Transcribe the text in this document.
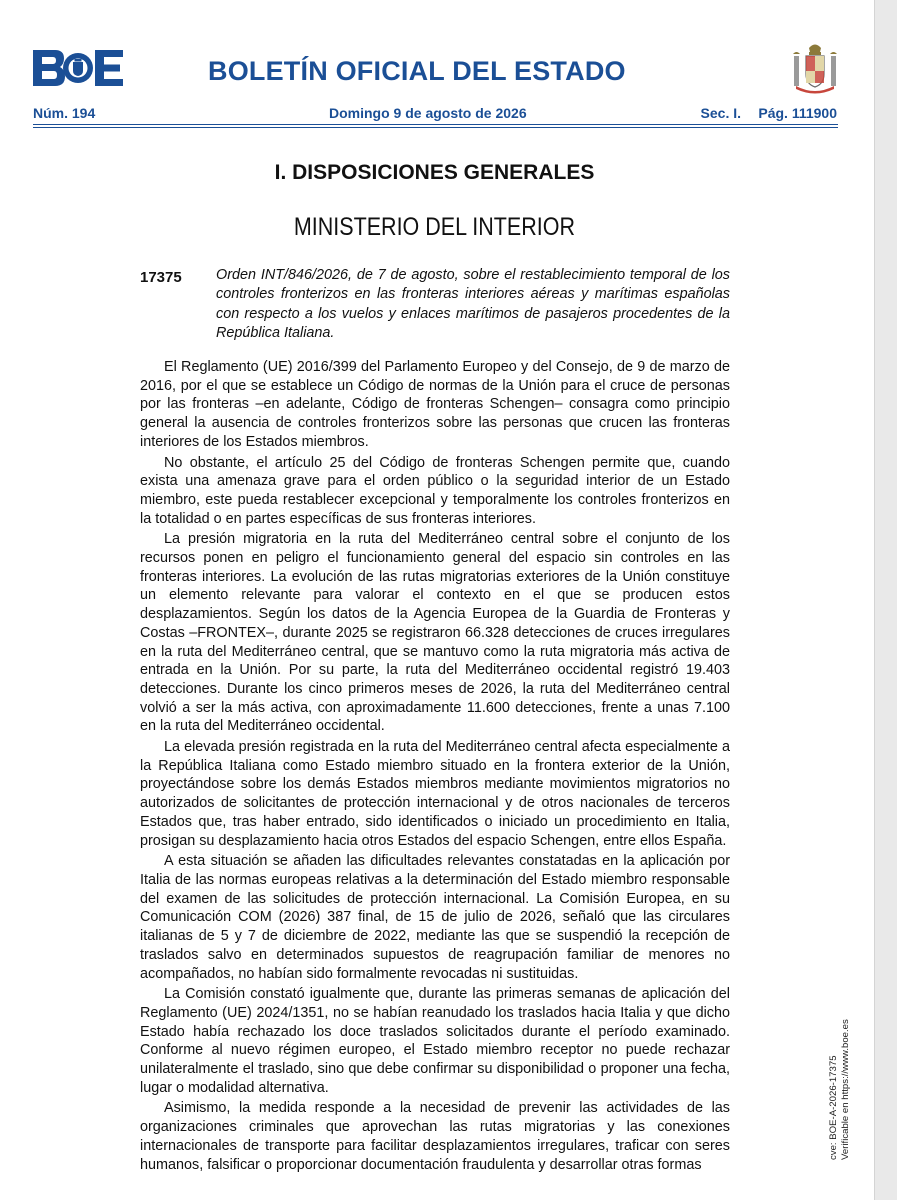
BOLETÍN OFICIAL DEL ESTADO
Núm. 194	Domingo 9 de agosto de 2026	Sec. I. Pág. 111900
I. DISPOSICIONES GENERALES
MINISTERIO DEL INTERIOR
17375 Orden INT/846/2026, de 7 de agosto, sobre el restablecimiento temporal de los controles fronterizos en las fronteras interiores aéreas y marítimas españolas con respecto a los vuelos y enlaces marítimos de pasajeros procedentes de la República Italiana.

El Reglamento (UE) 2016/399 del Parlamento Europeo y del Consejo, de 9 de marzo de 2016, por el que se establece un Código de normas de la Unión para el cruce de personas por las fronteras –en adelante, Código de fronteras Schengen– consagra como principio general la ausencia de controles fronterizos sobre las personas que crucen las fronteras interiores de los Estados miembros.

No obstante, el artículo 25 del Código de fronteras Schengen permite que, cuando exista una amenaza grave para el orden público o la seguridad interior de un Estado miembro, este pueda restablecer excepcional y temporalmente los controles fronterizos en la totalidad o en partes específicas de sus fronteras interiores.

La presión migratoria en la ruta del Mediterráneo central sobre el conjunto de los recursos ponen en peligro el funcionamiento general del espacio sin controles en las fronteras interiores. La evolución de las rutas migratorias exteriores de la Unión constituye un elemento relevante para valorar el contexto en el que se producen estos desplazamientos. Según los datos de la Agencia Europea de la Guardia de Fronteras y Costas –FRONTEX–, durante 2025 se registraron 66.328 detecciones de cruces irregulares en la ruta del Mediterráneo central, que se mantuvo como la ruta migratoria más activa de entrada en la Unión. Por su parte, la ruta del Mediterráneo occidental registró 19.403 detecciones. Durante los cinco primeros meses de 2026, la ruta del Mediterráneo central volvió a ser la más activa, con aproximadamente 11.600 detecciones, frente a unas 7.100 en la ruta del Mediterráneo occidental.

La elevada presión registrada en la ruta del Mediterráneo central afecta especialmente a la República Italiana como Estado miembro situado en la frontera exterior de la Unión, proyectándose sobre los demás Estados miembros mediante movimientos migratorios no autorizados de solicitantes de protección internacional y de otros nacionales de terceros Estados que, tras haber entrado, sido identificados o iniciado un procedimiento en Italia, prosigan su desplazamiento hacia otros Estados del espacio Schengen, entre ellos España.

A esta situación se añaden las dificultades relevantes constatadas en la aplicación por Italia de las normas europeas relativas a la determinación del Estado miembro responsable del examen de las solicitudes de protección internacional. La Comisión Europea, en su Comunicación COM (2026) 387 final, de 15 de julio de 2026, señaló que las circulares italianas de 5 y 7 de diciembre de 2022, mediante las que se suspendió la recepción de traslados salvo en determinados supuestos de reagrupación familiar de menores no acompañados, no habían sido formalmente revocadas ni sustituidas.

La Comisión constató igualmente que, durante las primeras semanas de aplicación del Reglamento (UE) 2024/1351, no se habían reanudado los traslados hacia Italia y que dicho Estado había rechazado los doce traslados solicitados durante el período examinado. Conforme al nuevo régimen europeo, el Estado miembro receptor no puede rechazar unilateralmente el traslado, sino que debe confirmar su disponibilidad o proponer una fecha, lugar o modalidad alternativa.

Asimismo, la medida responde a la necesidad de prevenir las actividades de las organizaciones criminales que aprovechan las rutas migratorias y las conexiones internacionales de transporte para facilitar desplazamientos irregulares, traficar con seres humanos, falsificar o proporcionar documentación fraudulenta y desarrollar otras formas

cve: BOE-A-2026-17375 Verificable en https://www.boe.es
